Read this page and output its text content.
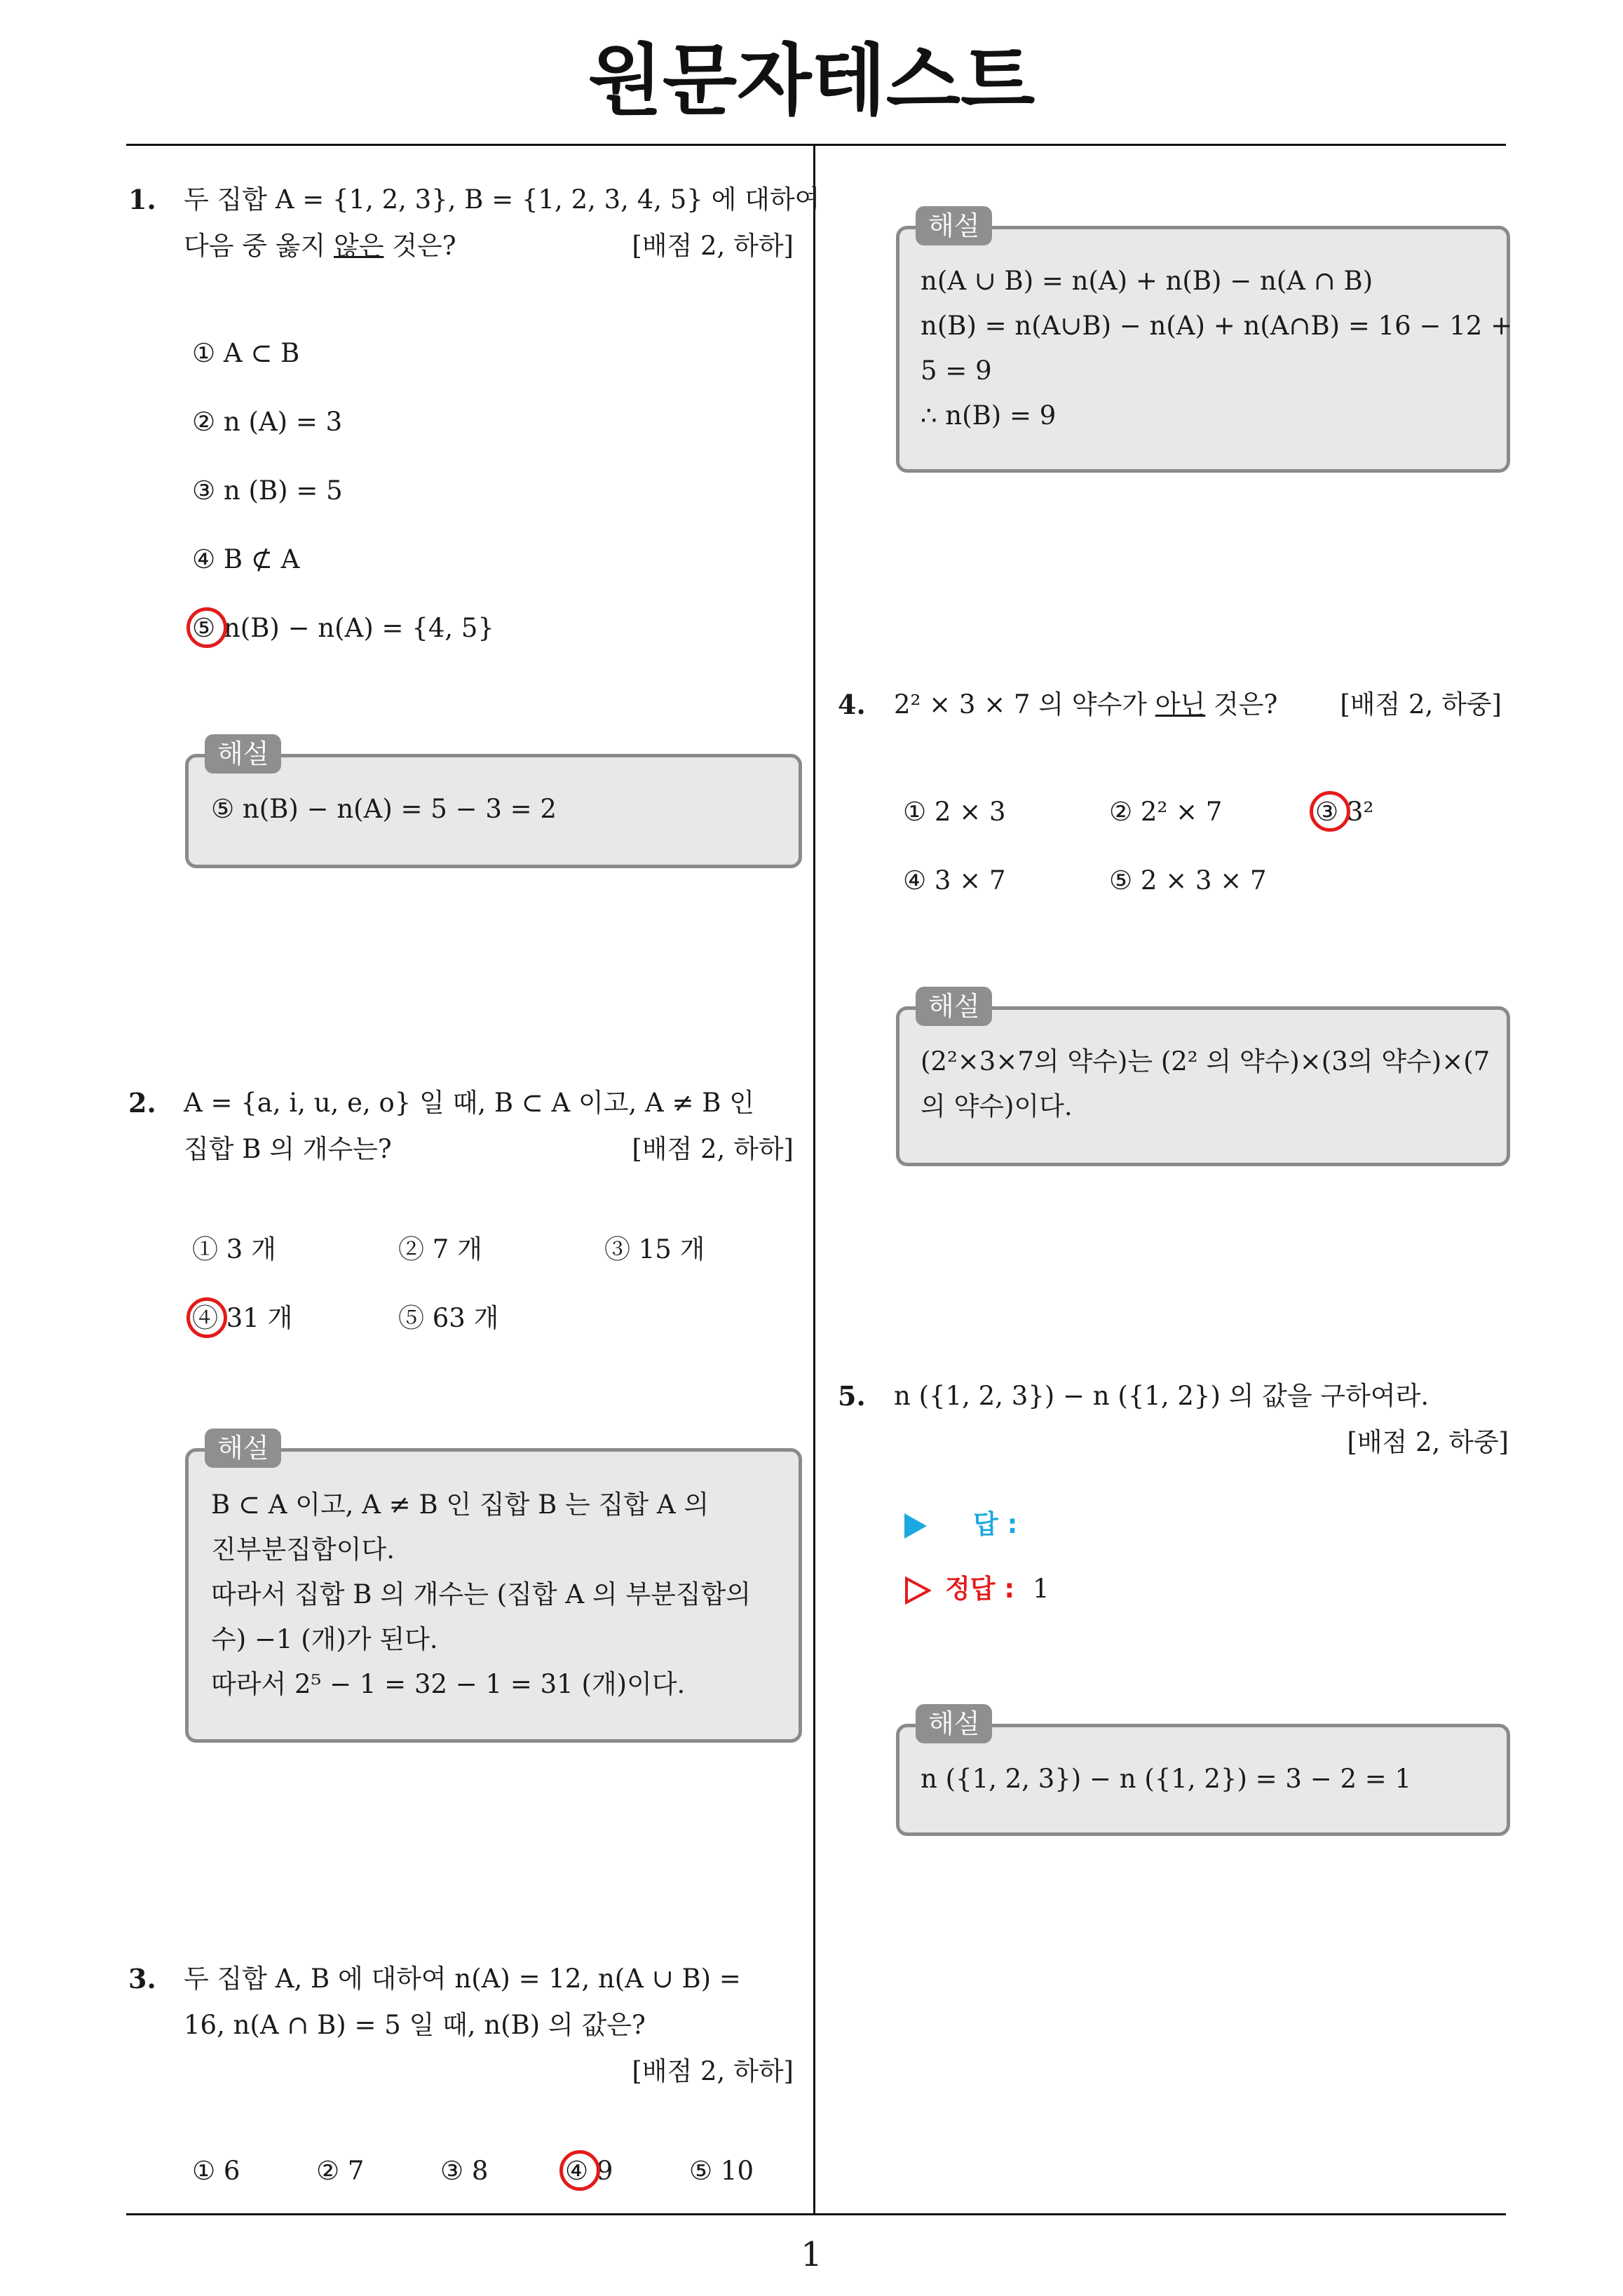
원문자테스트
1. 두 집합 A = {1, 2, 3}, B = {1, 2, 3, 4, 5} 에 대하여
다음 중 옳지 않은 것은?	[배점 2, 하하]
① A ⊂ B
② n (A) = 3
③ n (B) = 5
④ B ⊄ A
⑤ n(B) − n(A) = {4, 5}
⑤ n(B) − n(A) = 5 − 3 = 2
해설
2. A = {a, i, u, e, o} 일 때, B ⊂ A 이고, A ≠ B 인
집합 B 의 개수는?	[배점 2, 하하]
① 3 개	② 7 개	③ 15 개
④ 31 개	⑤ 63 개
B ⊂ A 이고, A ≠ B 인 집합 B 는 집합 A 의
진부분집합이다.
따라서 집합 B 의 개수는 (집합 A 의 부분집합의
수) −1 (개)가 된다.
따라서 2⁵ − 1 = 32 − 1 = 31 (개)이다.
해설
3. 두 집합 A, B 에 대하여 n(A) = 12, n(A ∪ B) =
16, n(A ∩ B) = 5 일 때, n(B) 의 값은?
[배점 2, 하하]
① 6	② 7	③ 8	④ 9	⑤ 10
n(A ∪ B) = n(A) + n(B) − n(A ∩ B)
n(B) = n(A∪B) − n(A) + n(A∩B) = 16 − 12 +
5 = 9
∴ n(B) = 9
해설
4. 2² × 3 × 7 의 약수가 아닌 것은?	[배점 2, 하중]
① 2 × 3	② 2² × 7	③ 3²
④ 3 × 7	⑤ 2 × 3 × 7
(2²×3×7의 약수)는 (2² 의 약수)×(3의 약수)×(7
의 약수)이다.
해설
5. n ({1, 2, 3}) − n ({1, 2}) 의 값을 구하여라.
[배점 2, 하중]
답 :
정답 : 1
n ({1, 2, 3}) − n ({1, 2}) = 3 − 2 = 1
해설
1
